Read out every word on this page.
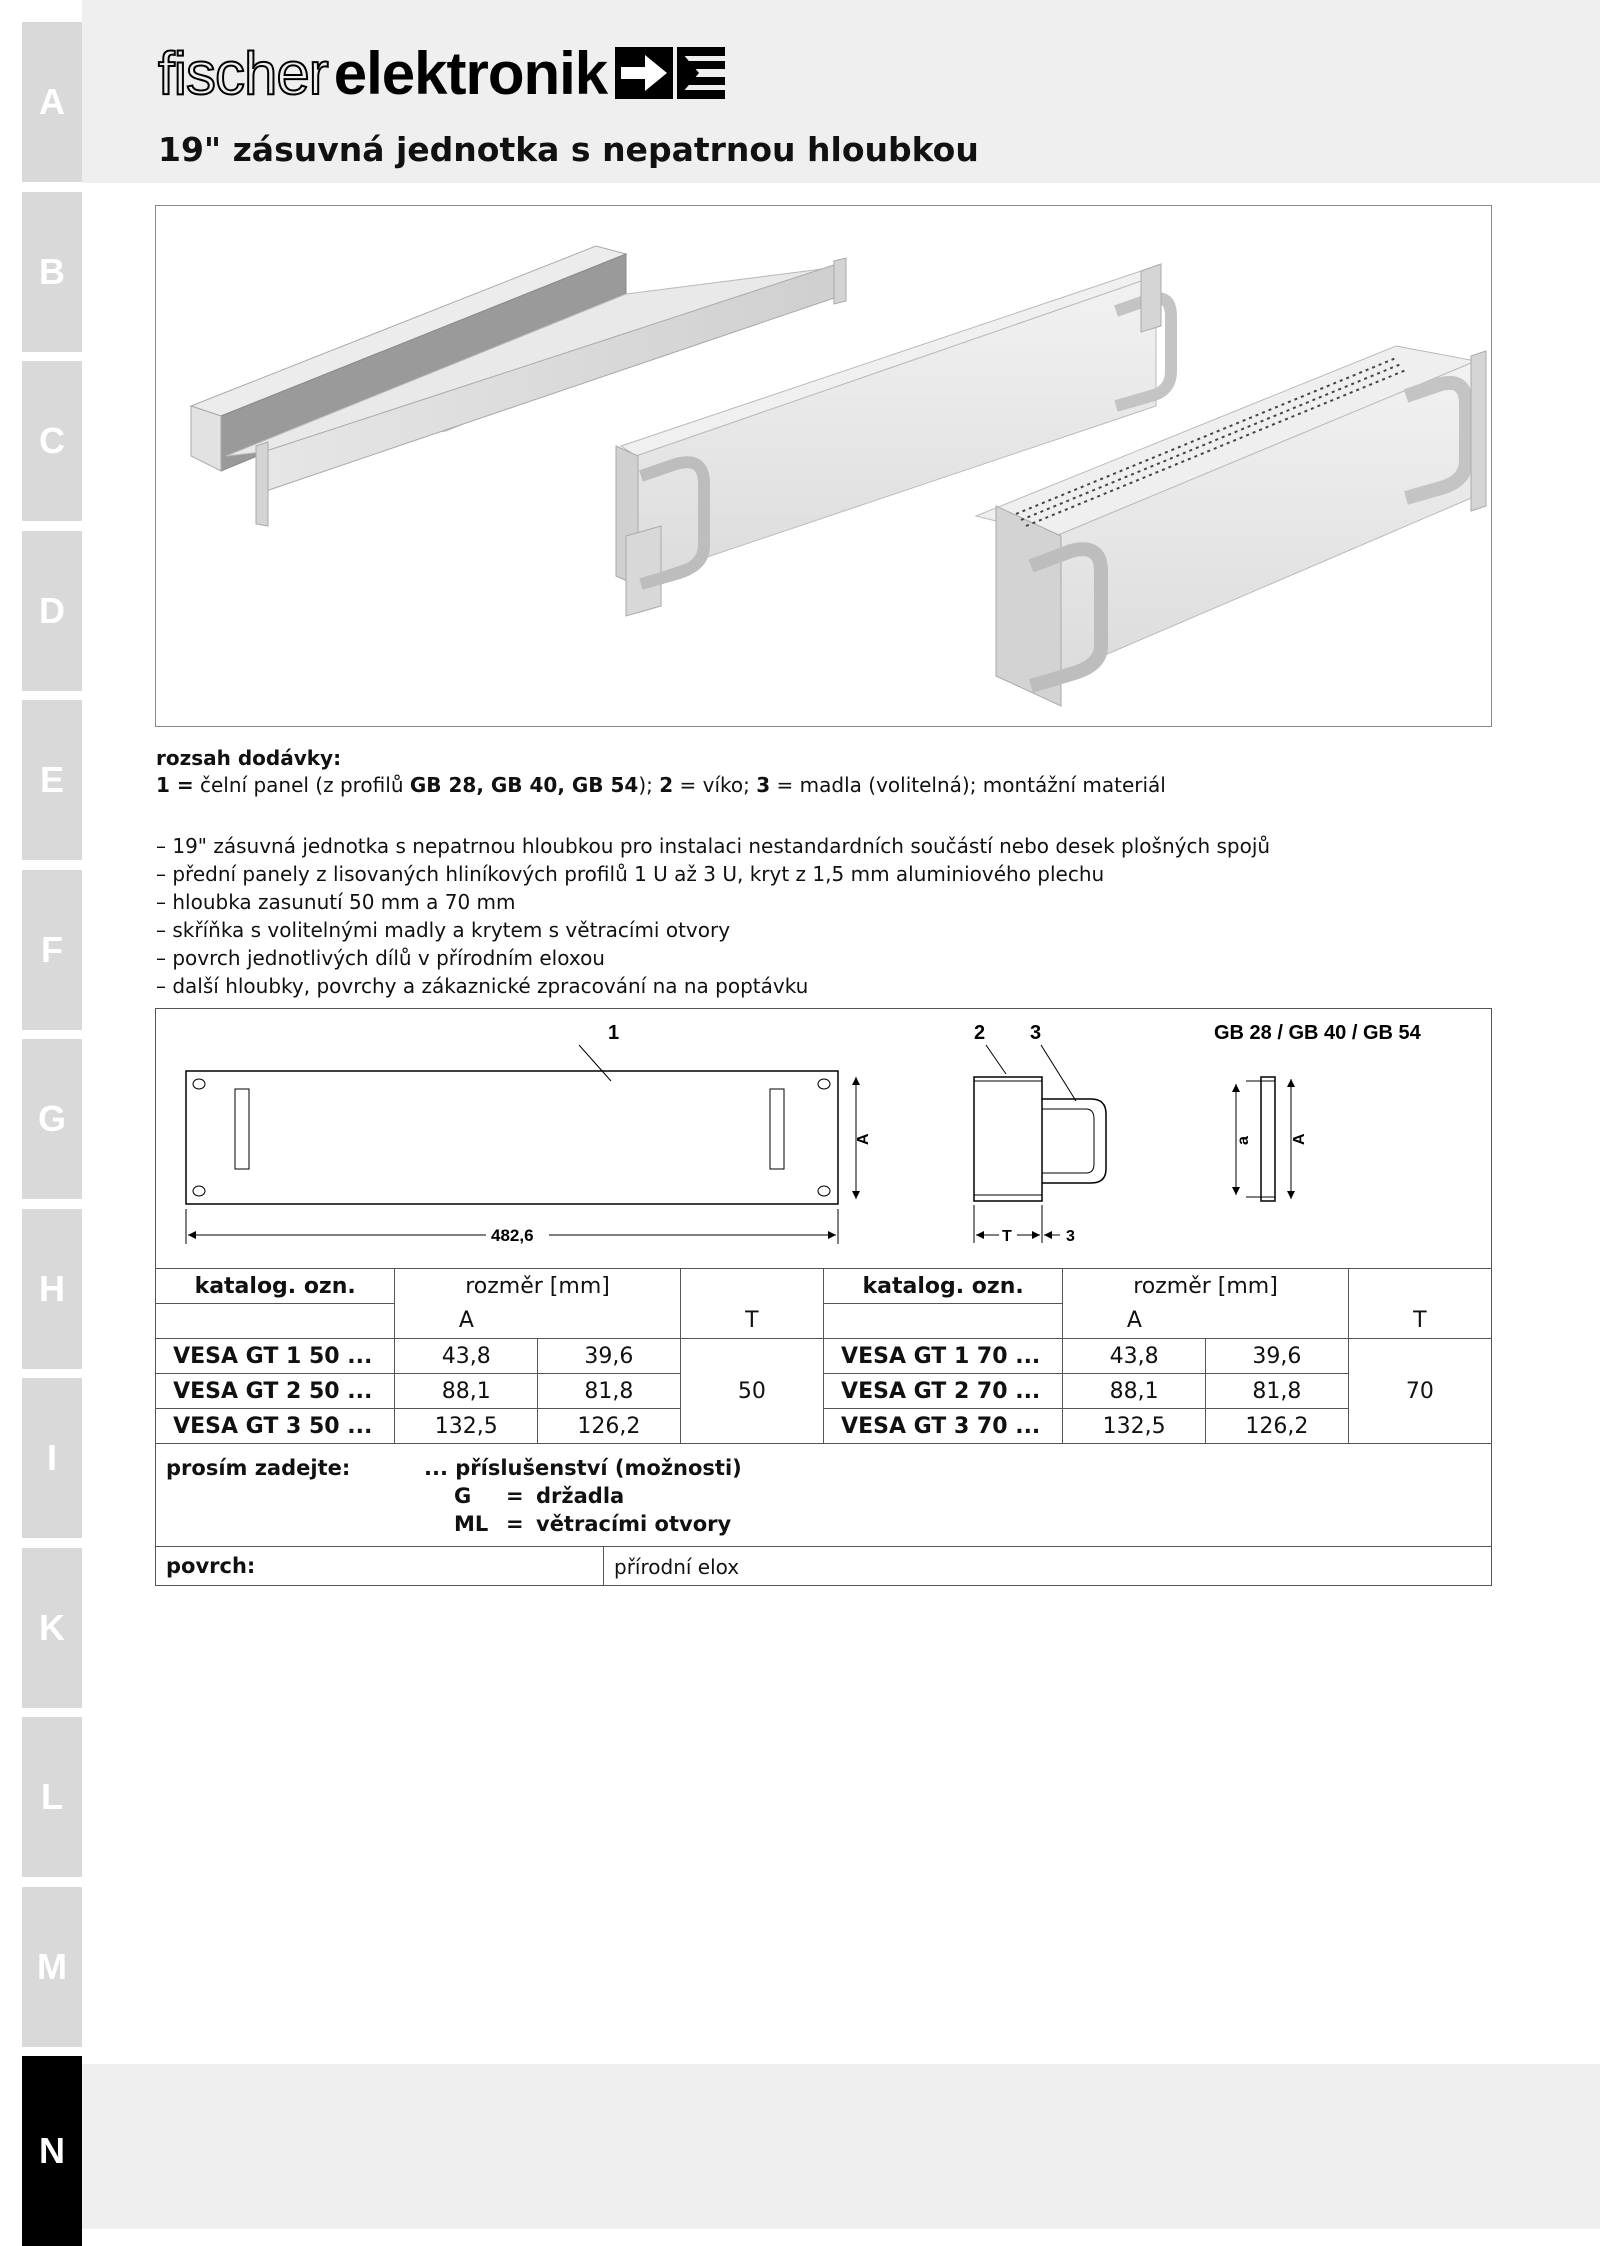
A
B
C
D
E
F
G
H
I
K
L
M
N
fischer elektronik
19" zásuvná jednotka s nepatrnou hloubkou
rozsah dodávky:
1 = čelní panel (z profilů GB 28, GB 40, GB 54); 2 = víko; 3 = madla (volitelná); montážní materiál
– 19" zásuvná jednotka s nepatrnou hloubkou pro instalaci nestandardních součástí nebo desek plošných spojů
– přední panely z lisovaných hliníkových profilů 1 U až 3 U, kryt z 1,5 mm aluminiového plechu
– hloubka zasunutí 50 mm a 70 mm
– skříňka s volitelnými madly a krytem s větracími otvory
– povrch jednotlivých dílů v přírodním eloxou
– další hloubky, povrchy a zákaznické zpracování na na poptávku
1
A
482,6
2 3
T	3
a A
GB 28 / GB 40 / GB 54
katalog. ozn.	rozměr [mm]			katalog. ozn.	rozměr [mm]		
	A		T		A		T
VESA GT 1 50 ...	43,8	39,6	50	VESA GT 1 70 ...	43,8	39,6	70
VESA GT 2 50 ...	88,1	81,8		VESA GT 2 70 ...	88,1	81,8	
VESA GT 3 50 ...	132,5	126,2		VESA GT 3 70 ...	132,5	126,2	
prosím zadejte:	... příslušenství (možnosti)
G = držadla
ML = větracími otvory
povrch:	přírodní elox
